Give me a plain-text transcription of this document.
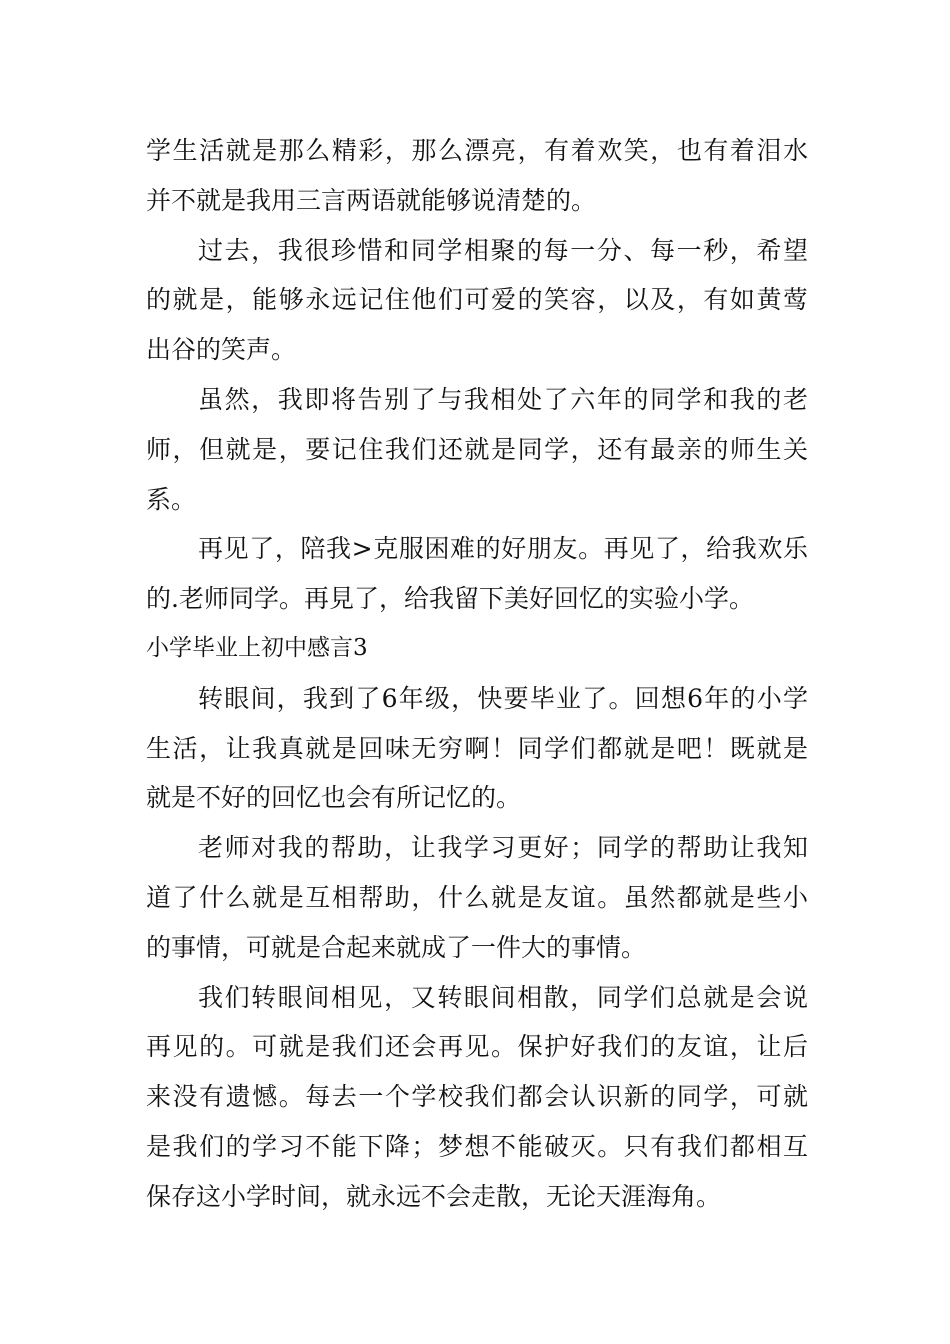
学生活就是那么精彩，那么漂亮，有着欢笑，也有着泪水
并不就是我用三言两语就能够说清楚的。
过去，我很珍惜和同学相聚的每一分、每一秒，希望
的就是，能够永远记住他们可爱的笑容，以及，有如黄莺
出谷的笑声。
虽然，我即将告别了与我相处了六年的同学和我的老
师，但就是，要记住我们还就是同学，还有最亲的师生关
系。
再见了，陪我>克服困难的好朋友。再见了，给我欢乐
的.老师同学。再見了，给我留下美好回忆的实验小学。
小学毕业上初中感言3
转眼间，我到了6年级，快要毕业了。回想6年的小学
生活，让我真就是回味无穷啊！同学们都就是吧！既就是
就是不好的回忆也会有所记忆的。
老师对我的帮助，让我学习更好；同学的帮助让我知
道了什么就是互相帮助，什么就是友谊。虽然都就是些小
的事情，可就是合起来就成了一件大的事情。
我们转眼间相见，又转眼间相散，同学们总就是会说
再见的。可就是我们还会再见。保护好我们的友谊，让后
来没有遗憾。每去一个学校我们都会认识新的同学，可就
是我们的学习不能下降；梦想不能破灭。只有我们都相互
保存这小学时间，就永远不会走散，无论天涯海角。
